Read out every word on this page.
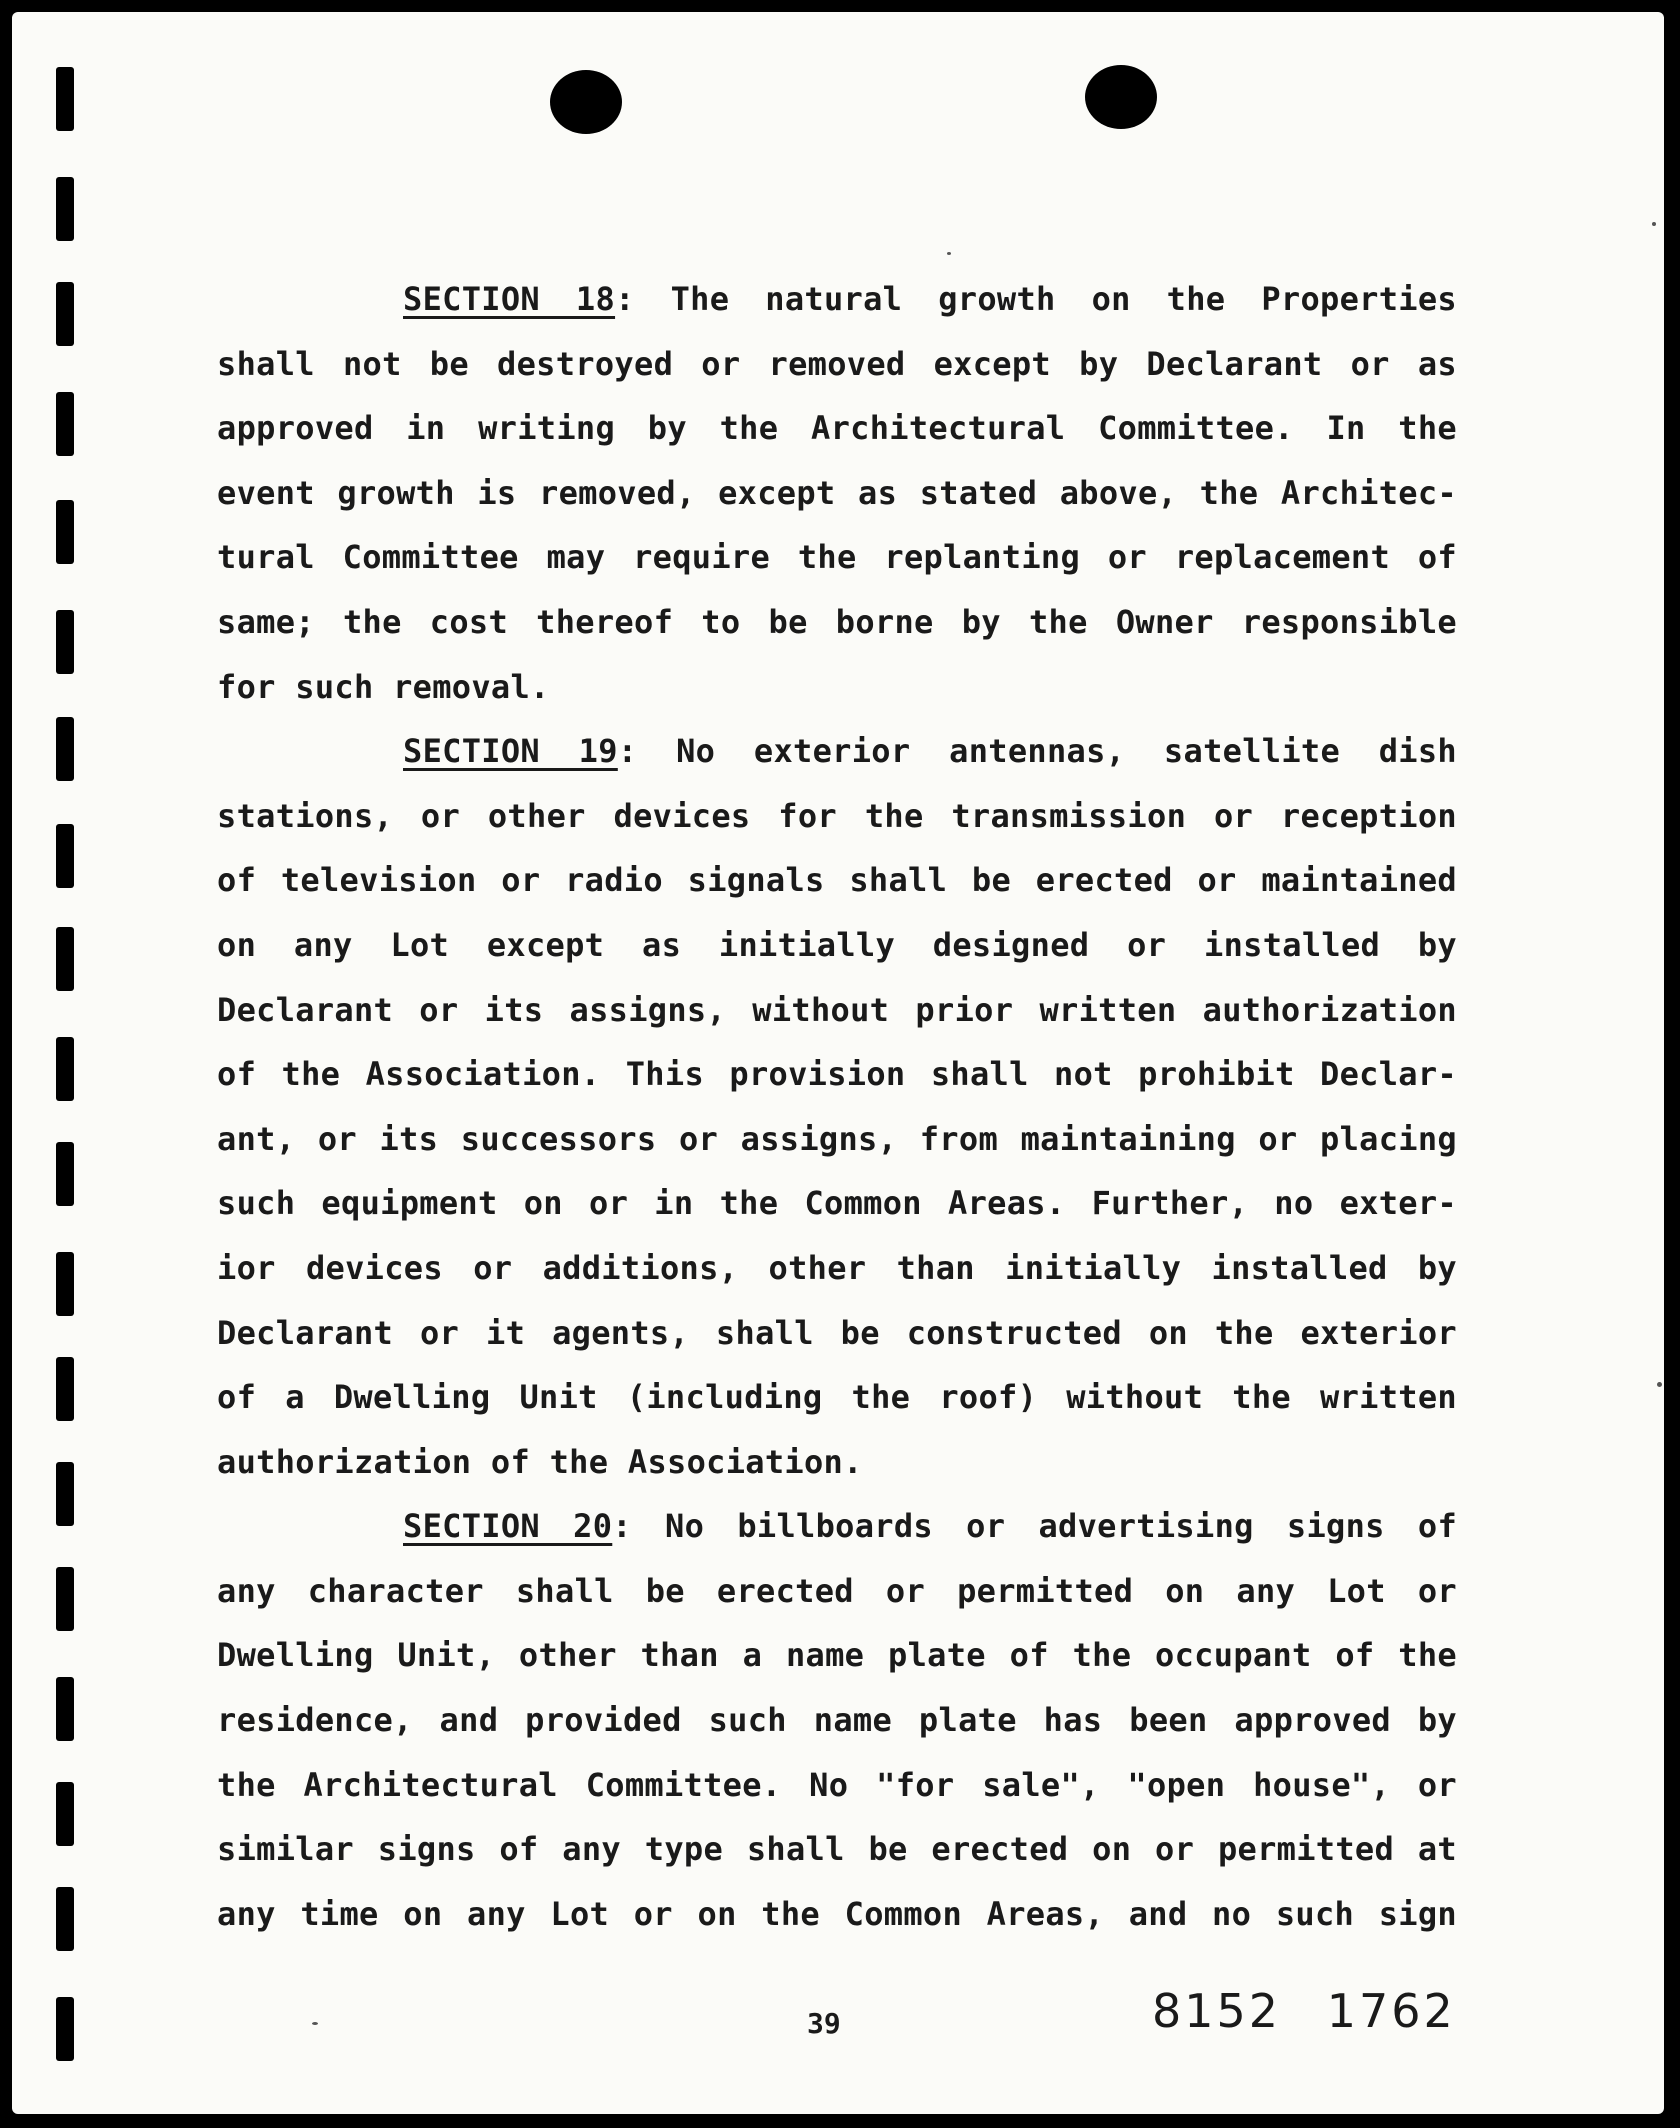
SECTION 18: The natural growth on the Properties
shall not be destroyed or removed except by Declarant or as
approved in writing by the Architectural Committee. In the
event growth is removed, except as stated above, the Architec-
tural Committee may require the replanting or replacement of
same; the cost thereof to be borne by the Owner responsible
for such removal.
SECTION 19: No exterior antennas, satellite dish
stations, or other devices for the transmission or reception
of television or radio signals shall be erected or maintained
on any Lot except as initially designed or installed by
Declarant or its assigns, without prior written authorization
of the Association. This provision shall not prohibit Declar-
ant, or its successors or assigns, from maintaining or placing
such equipment on or in the Common Areas. Further, no exter-
ior devices or additions, other than initially installed by
Declarant or it agents, shall be constructed on the exterior
of a Dwelling Unit (including the roof) without the written
authorization of the Association.
SECTION 20: No billboards or advertising signs of
any character shall be erected or permitted on any Lot or
Dwelling Unit, other than a name plate of the occupant of the
residence, and provided such name plate has been approved by
the Architectural Committee. No "for sale", "open house", or
similar signs of any type shall be erected on or permitted at
any time on any Lot or on the Common Areas, and no such sign
39	8152 1762
